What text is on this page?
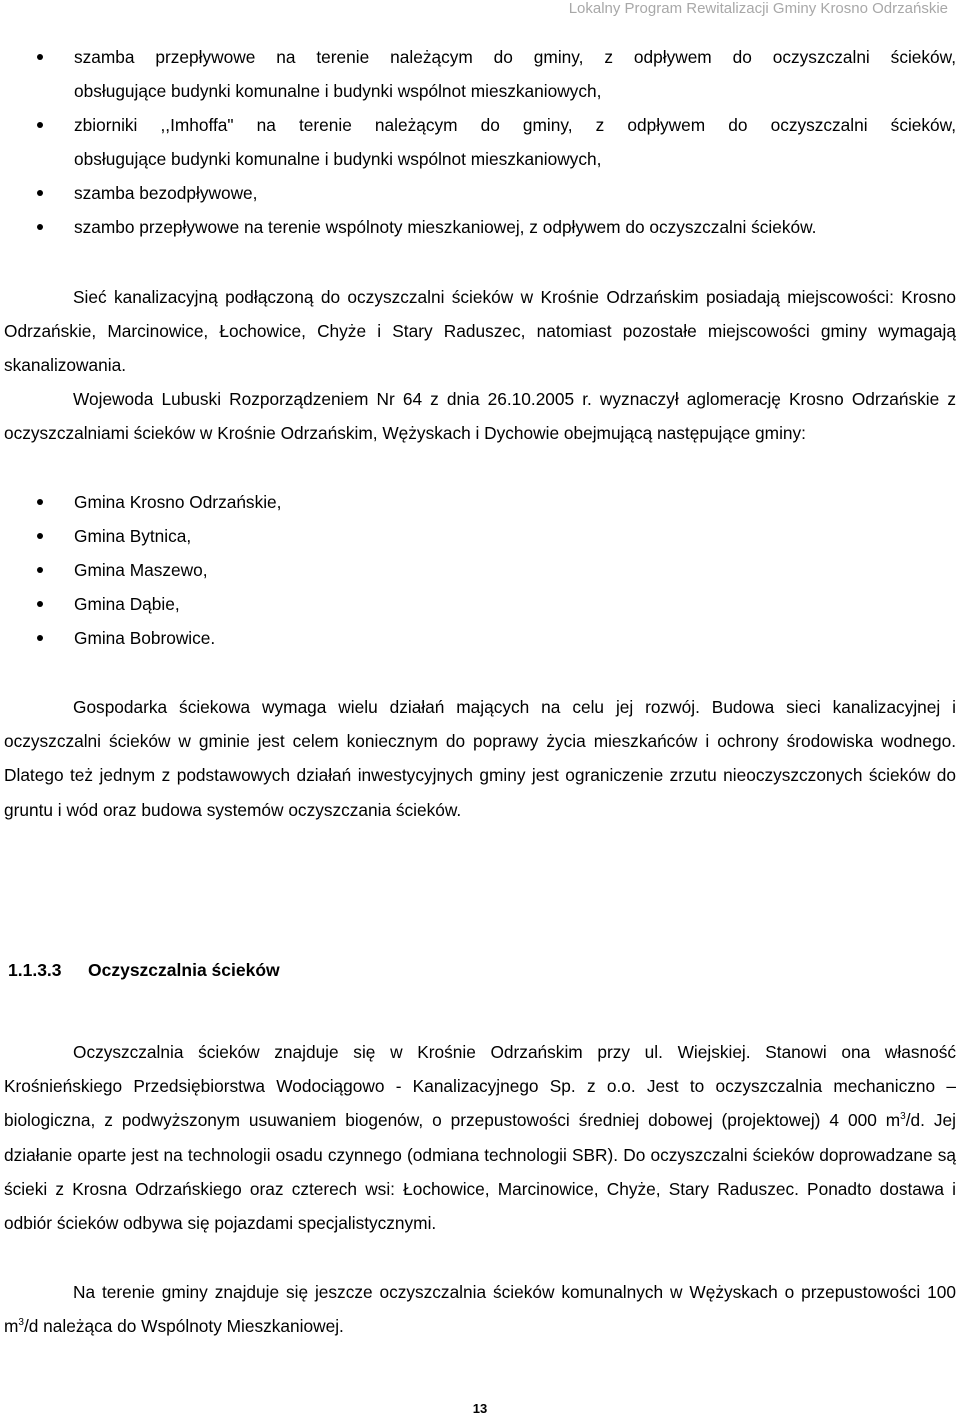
Lokalny Program Rewitalizacji Gminy Krosno Odrzańskie
szamba przepływowe na terenie należącym do gminy, z odpływem do oczyszczalni ścieków,
obsługujące budynki komunalne i budynki wspólnot mieszkaniowych,
zbiorniki ,,Imhoffa" na terenie należącym do gminy, z odpływem do oczyszczalni ścieków,
obsługujące budynki komunalne i budynki wspólnot mieszkaniowych,
szamba bezodpływowe,
szambo przepływowe na terenie wspólnoty mieszkaniowej, z odpływem do oczyszczalni ścieków.

Sieć kanalizacyjną podłączoną do oczyszczalni ścieków w Krośnie Odrzańskim posiadają miejscowości: Krosno Odrzańskie, Marcinowice, Łochowice, Chyże i Stary Raduszec, natomiast pozostałe miejscowości gminy wymagają skanalizowania.

Wojewoda Lubuski Rozporządzeniem Nr 64 z dnia 26.10.2005 r. wyznaczył aglomerację Krosno Odrzańskie z oczyszczalniami ścieków w Krośnie Odrzańskim, Wężyskach i Dychowie obejmującą następujące gminy:

Gmina Krosno Odrzańskie,
Gmina Bytnica,
Gmina Maszewo,
Gmina Dąbie,
Gmina Bobrowice.

Gospodarka ściekowa wymaga wielu działań mających na celu jej rozwój. Budowa sieci kanalizacyjnej i oczyszczalni ścieków w gminie jest celem koniecznym do poprawy życia mieszkańców i ochrony środowiska wodnego. Dlatego też jednym z podstawowych działań inwestycyjnych gminy jest ograniczenie zrzutu nieoczyszczonych ścieków do gruntu i wód oraz budowa systemów oczyszczania ścieków.

1.1.3.3 Oczyszczalnia ścieków

Oczyszczalnia ścieków znajduje się w Krośnie Odrzańskim przy ul. Wiejskiej. Stanowi ona własność Krośnieńskiego Przedsiębiorstwa Wodociągowo - Kanalizacyjnego Sp. z o.o. Jest to oczyszczalnia mechaniczno – biologiczna, z podwyższonym usuwaniem biogenów, o przepustowości średniej dobowej (projektowej) 4 000 $m^3/d$. Jej działanie oparte jest na technologii osadu czynnego (odmiana technologii SBR). Do oczyszczalni ścieków doprowadzane są ścieki z Krosna Odrzańskiego oraz czterech wsi: Łochowice, Marcinowice, Chyże, Stary Raduszec. Ponadto dostawa i odbiór ścieków odbywa się pojazdami specjalistycznymi.

Na terenie gminy znajduje się jeszcze oczyszczalnia ścieków komunalnych w Wężyskach o przepustowości 100 $m^3/d$ należąca do Wspólnoty Mieszkaniowej.

13
